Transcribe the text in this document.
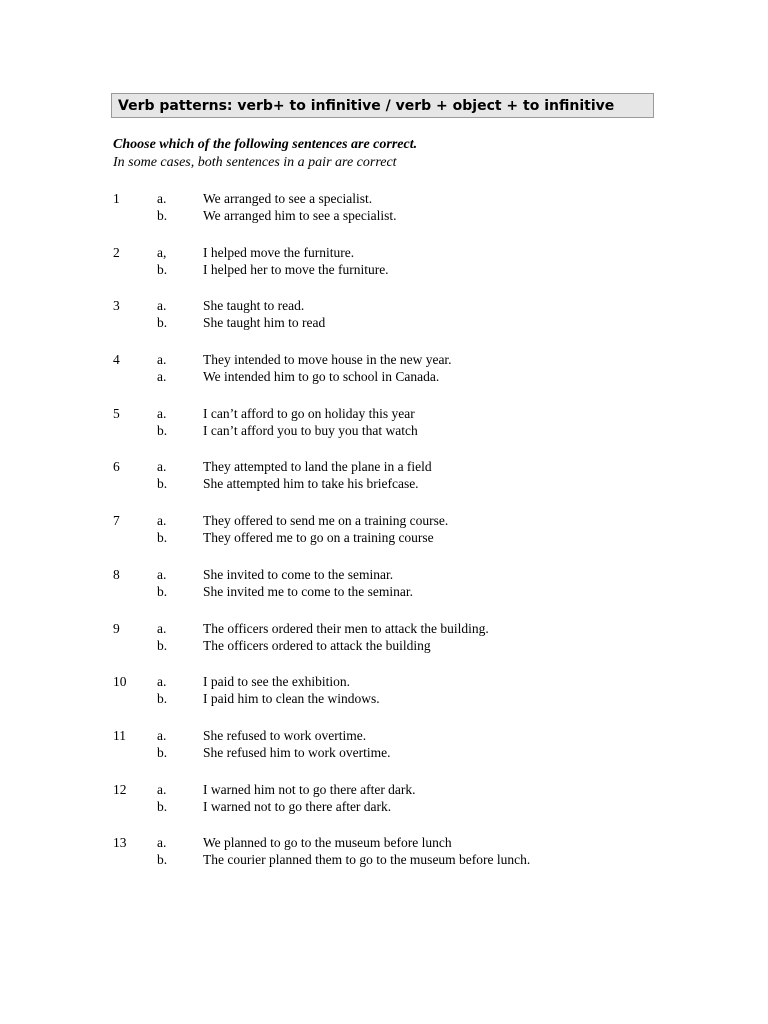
Verb patterns: verb+ to infinitive / verb + object + to infinitive
Choose which of the following sentences are correct.
In some cases, both sentences in a pair are correct
1	a.	We arranged to see a specialist.
b.	We arranged him to see a specialist.
2	a,	I helped move the furniture.
b.	I helped her to move the furniture.
3	a.	She taught to read.
b.	She taught him to read
4	a.	They intended to move house in the new year.
a.	We intended him to go to school in Canada.
5	a.	I can’t afford to go on holiday this year
b.	I can’t afford you to buy you that watch
6	a.	They attempted to land the plane in a field
b.	She attempted him to take his briefcase.
7	a.	They offered to send me on a training course.
b.	They offered me to go on a training course
8	a.	She invited to come to the seminar.
b.	She invited me to come to the seminar.
9	a.	The officers ordered their men to attack the building.
b.	The officers ordered to attack the building
10 a.	I paid to see the exhibition.
b.	I paid him to clean the windows.
11 a.	She refused to work overtime.
b.	She refused him to work overtime.
12 a.	I warned him not to go there after dark.
b.	I warned not to go there after dark.
13 a.	We planned to go to the museum before lunch
b.	The courier planned them to go to the museum before lunch.
